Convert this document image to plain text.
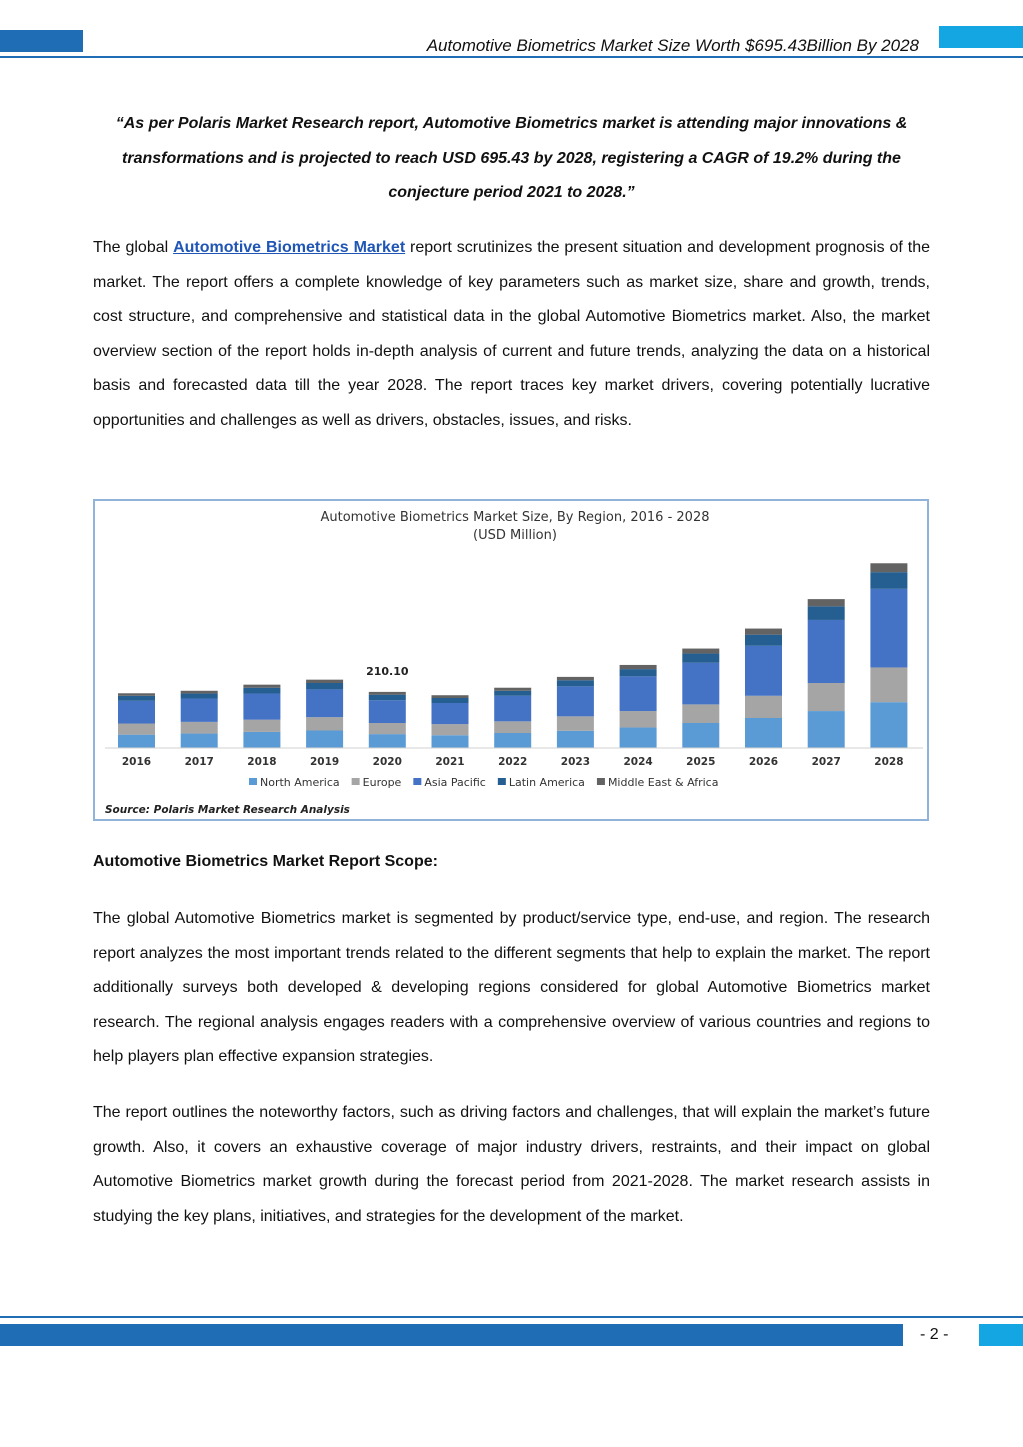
Automotive Biometrics Market Size Worth $695.43Billion By 2028
“As per Polaris Market Research report, Automotive Biometrics market is attending major innovations & transformations and is projected to reach USD 695.43 by 2028, registering a CAGR of 19.2% during the conjecture period 2021 to 2028.”
The global Automotive Biometrics Market report scrutinizes the present situation and development prognosis of the market. The report offers a complete knowledge of key parameters such as market size, share and growth, trends, cost structure, and comprehensive and statistical data in the global Automotive Biometrics market. Also, the market overview section of the report holds in-depth analysis of current and future trends, analyzing the data on a historical basis and forecasted data till the year 2028. The report traces key market drivers, covering potentially lucrative opportunities and challenges as well as drivers, obstacles, issues, and risks.
Automotive Biometrics Market Size, By Region, 2016 - 2028
(USD Million)
210.10
2016	2017	2018	2019	2020	2021	2022	2023	2024	2025	2026	2027	2028
North America Europe Asia Pacific Latin America Middle East & Africa
Source: Polaris Market Research Analysis
Automotive Biometrics Market Report Scope:
The global Automotive Biometrics market is segmented by product/service type, end-use, and region. The research report analyzes the most important trends related to the different segments that help to explain the market. The report additionally surveys both developed & developing regions considered for global Automotive Biometrics market research. The regional analysis engages readers with a comprehensive overview of various countries and regions to help players plan effective expansion strategies.
The report outlines the noteworthy factors, such as driving factors and challenges, that will explain the market’s future growth. Also, it covers an exhaustive coverage of major industry drivers, restraints, and their impact on global Automotive Biometrics market growth during the forecast period from 2021-2028. The market research assists in studying the key plans, initiatives, and strategies for the development of the market.
- 2 -
